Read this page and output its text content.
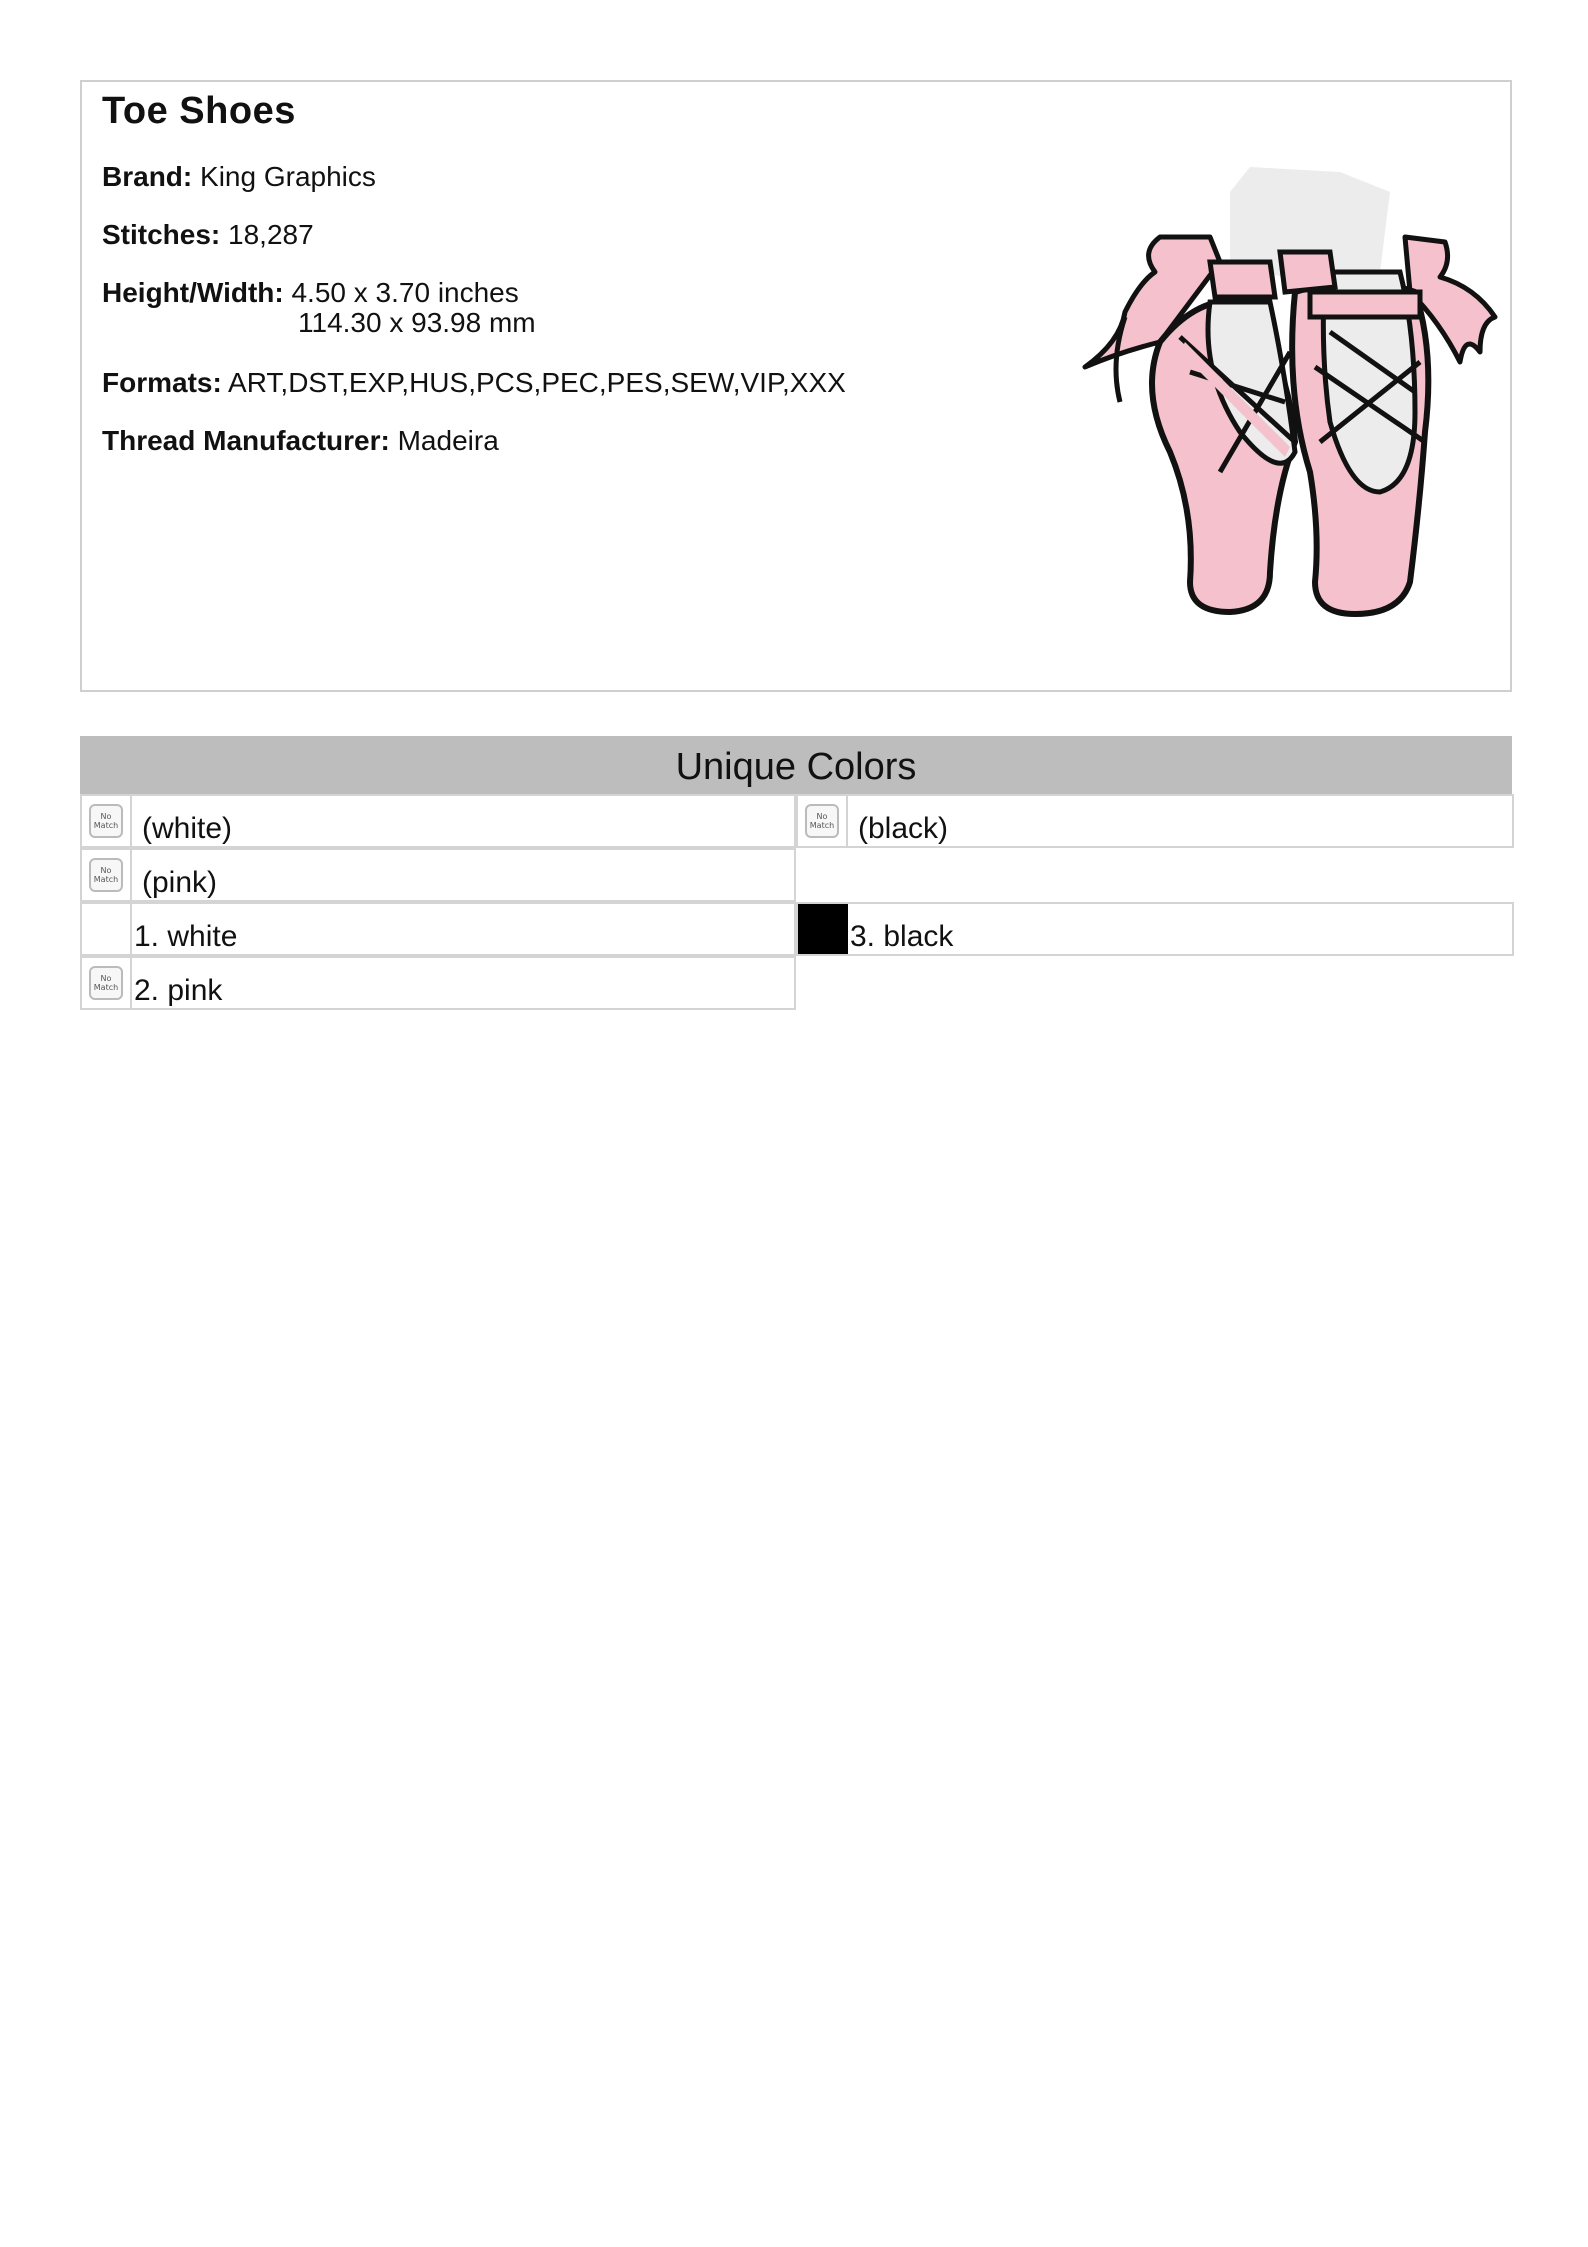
Toe Shoes
Brand: King Graphics
Stitches: 18,287
Height/Width: 4.50 x 3.70 inches
114.30 x 93.98 mm
Formats: ART,DST,EXP,HUS,PCS,PEC,PES,SEW,VIP,XXX
Thread Manufacturer: Madeira
Unique Colors
No
Match (white)	No
Match (black)
No
Match (pink)
1. white	3. black
No
Match 2. pink
